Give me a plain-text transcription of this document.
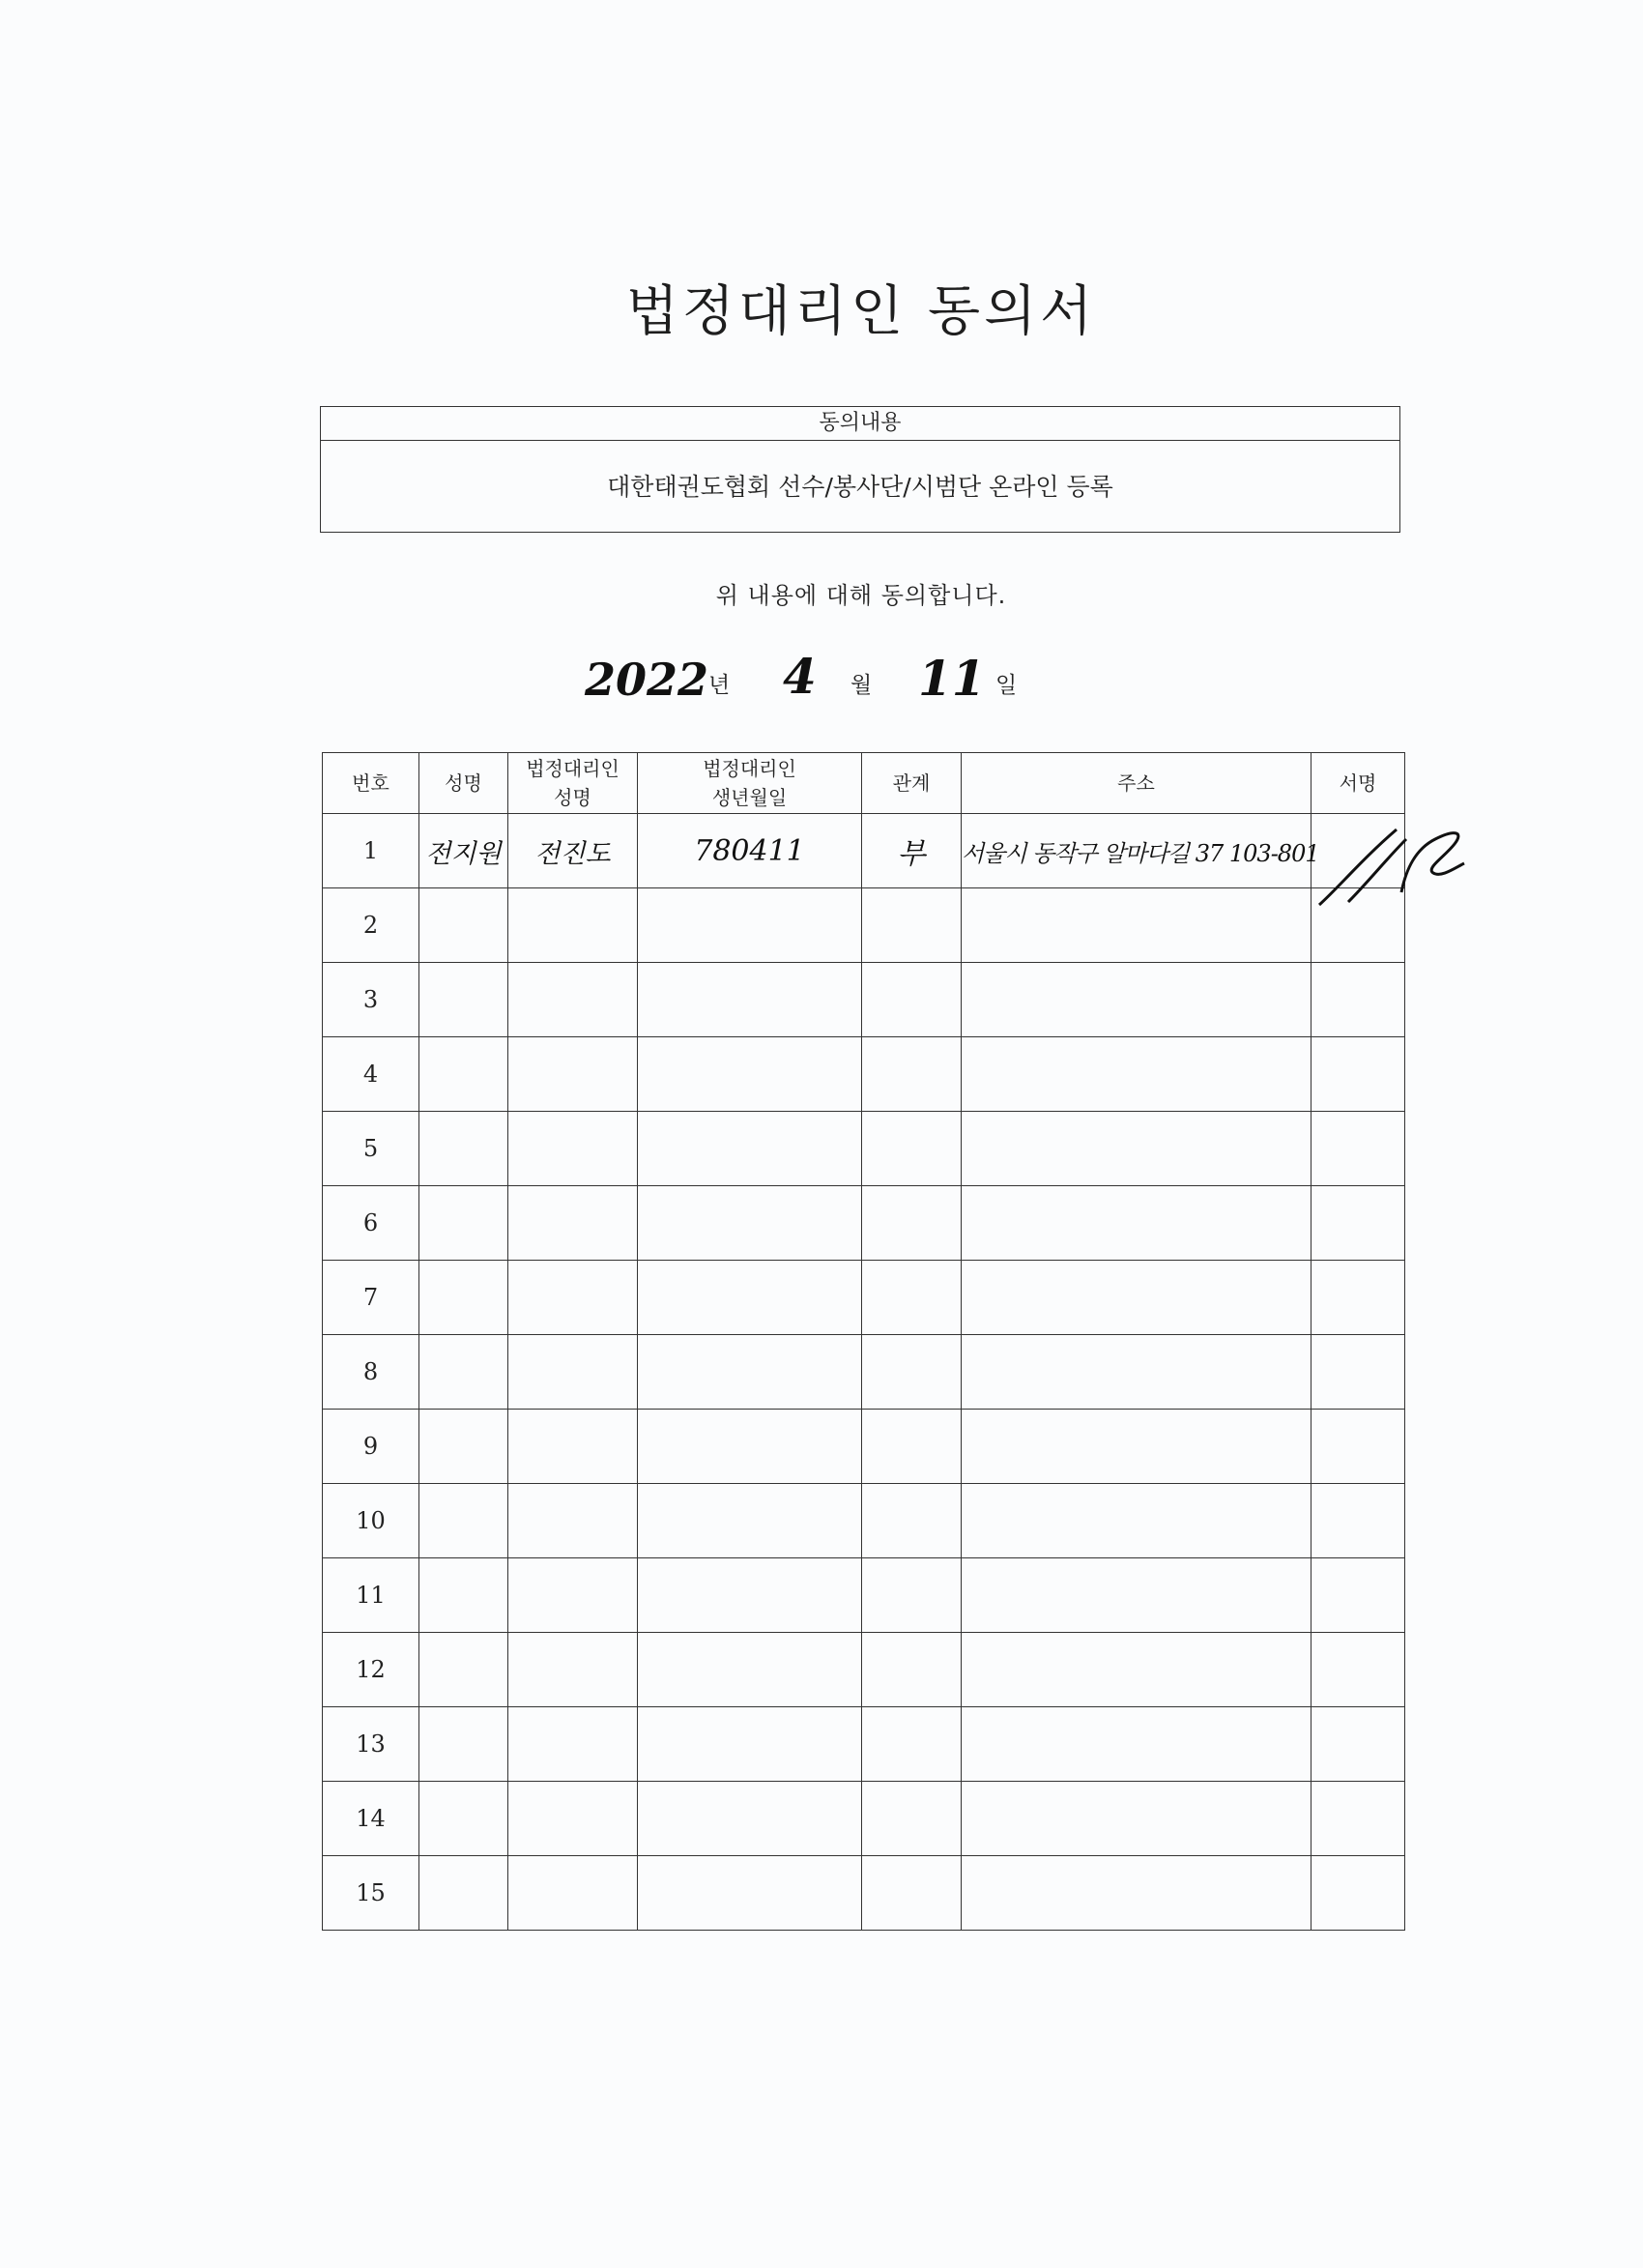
법정대리인 동의서
동의내용
대한태권도협회 선수/봉사단/시범단 온라인 등록
위 내용에 대해 동의합니다.
2022 년 4 월 11 일
번호	성명	법정대리인 성명	법정대리인 생년월일	관계	주소	서명
1	전지원	전진도	780411	부	서울시 동작구 알마다길 37 103-801	
2						
3						
4						
5						
6						
7						
8						
9						
10						
11						
12						
13						
14						
15						
